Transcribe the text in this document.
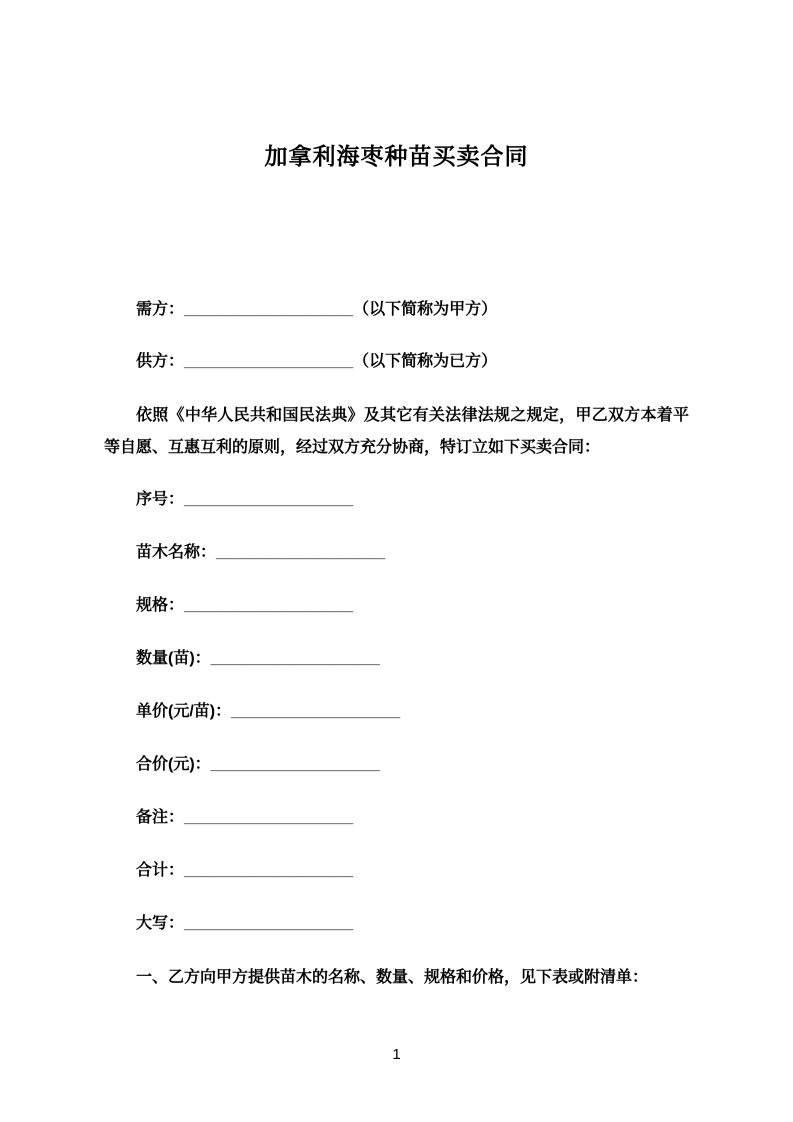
加拿利海枣种苗买卖合同
需方：___________________（以下简称为甲方）
供方：___________________（以下简称为已方）

依照《中华人民共和国民法典》及其它有关法律法规之规定，甲乙双方本着平等自愿、互惠互利的原则，经过双方充分协商，特订立如下买卖合同：

序号：___________________
苗木名称：___________________
规格：___________________
数量(苗)：___________________
单价(元/苗)：___________________
合价(元)：___________________
备注：___________________
合计：___________________
大写：___________________
一、乙方向甲方提供苗木的名称、数量、规格和价格，见下表或附清单：
1
